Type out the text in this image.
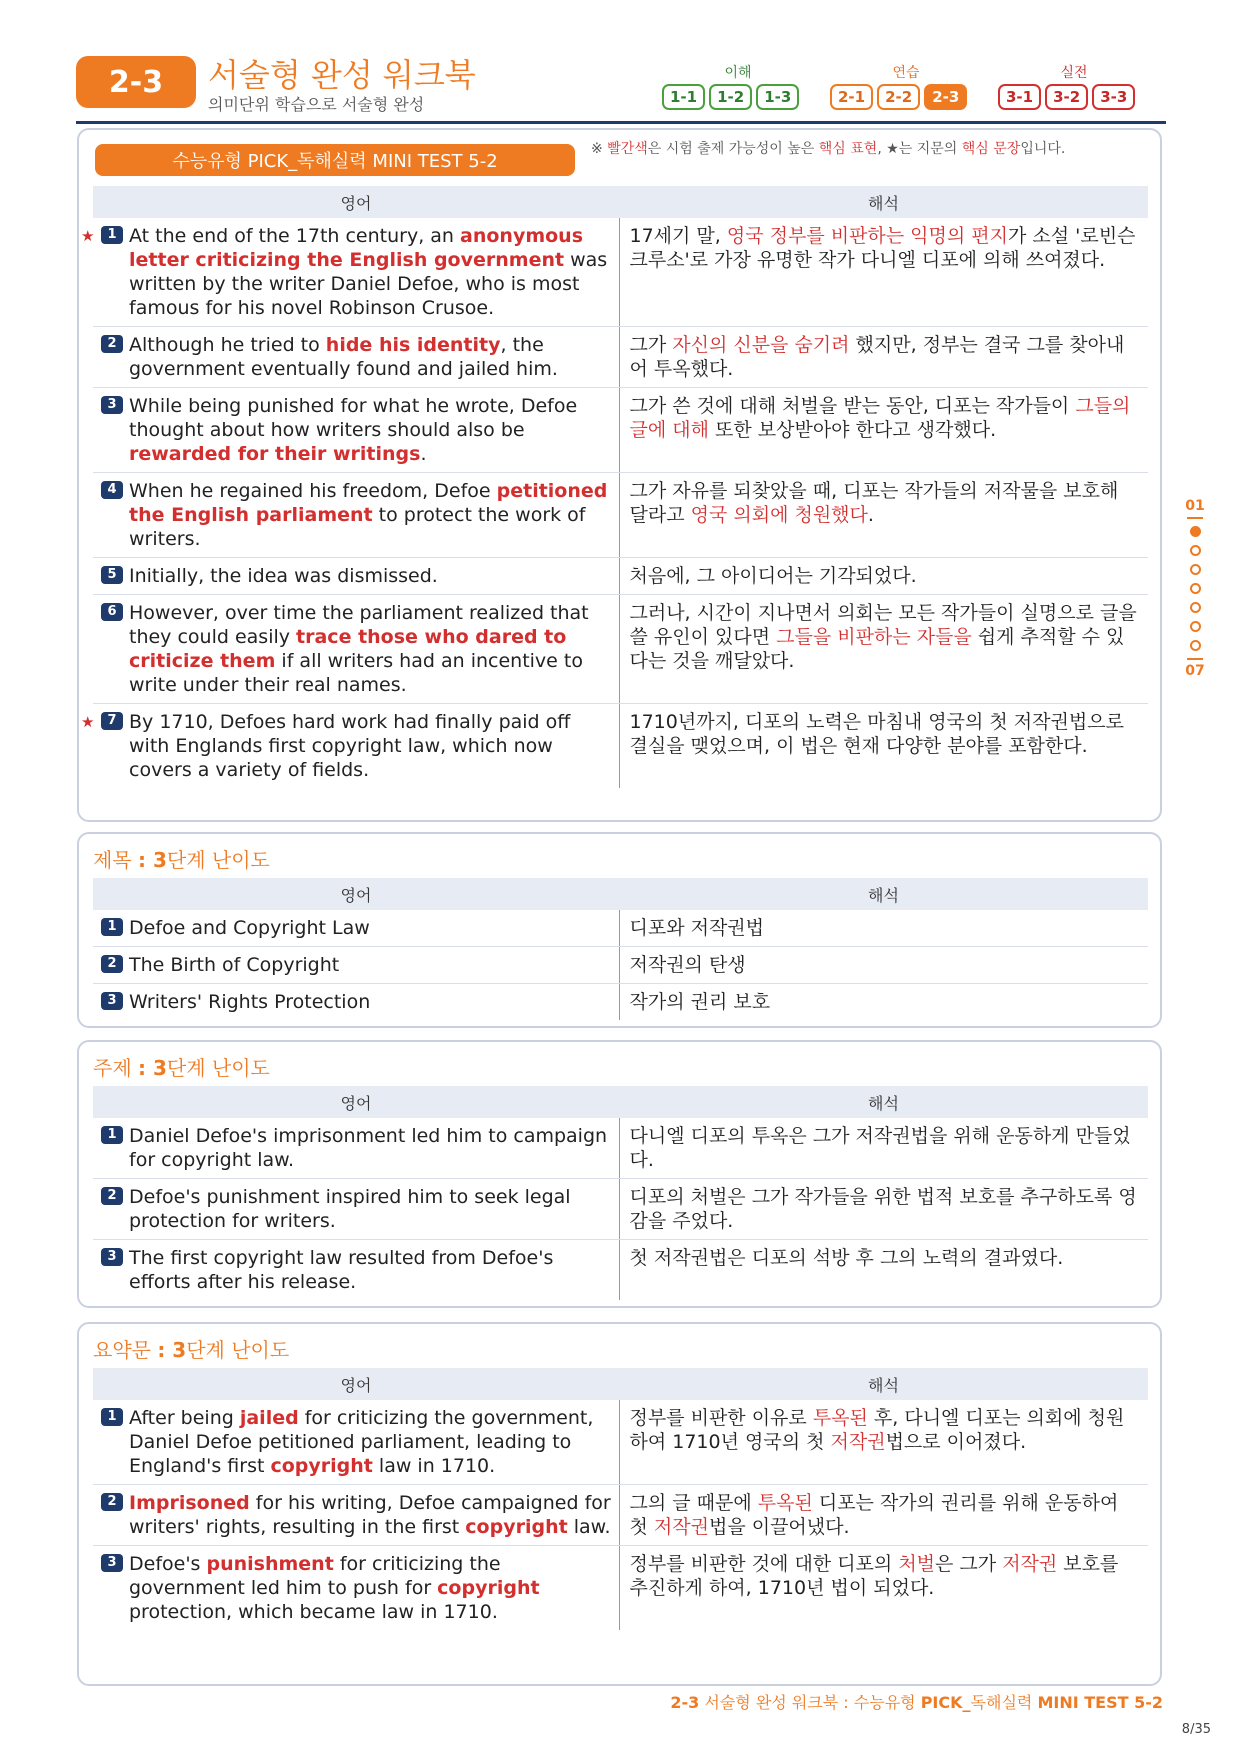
2-3	서술형 완성 워크북
의미단위 학습으로 서술형 완성
이해	연습	실전
1-1	1-2	1-3	2-1	2-2	2-3	3-1	3-2	3-3
01
07
수능유형 PICK_독해실력 MINI TEST 5-2
※ 빨간색은 시험 출제 가능성이 높은 핵심 표현, ★는 지문의 핵심 문장입니다.
영어	해석

★ 1 At the end of the 17th century, an anonymous letter criticizing the English government was written by the writer Daniel Defoe, who is most famous for his novel Robinson Crusoe.	17세기 말, 영국 정부를 비판하는 익명의 편지가 소설 '로빈슨 크루소'로 가장 유명한 작가 다니엘 디포에 의해 쓰여졌다.

2 Although he tried to hide his identity, the government eventually found and jailed him.	그가 자신의 신분을 숨기려 했지만, 정부는 결국 그를 찾아내어 투옥했다.

3 While being punished for what he wrote, Defoe thought about how writers should also be rewarded for their writings.	그가 쓴 것에 대해 처벌을 받는 동안, 디포는 작가들이 그들의 글에 대해 또한 보상받아야 한다고 생각했다.

4 When he regained his freedom, Defoe petitioned the English parliament to protect the work of writers.	그가 자유를 되찾았을 때, 디포는 작가들의 저작물을 보호해 달라고 영국 의회에 청원했다.

5 Initially, the idea was dismissed.	처음에, 그 아이디어는 기각되었다.

6 However, over time the parliament realized that they could easily trace those who dared to criticize them if all writers had an incentive to write under their real names.	그러나, 시간이 지나면서 의회는 모든 작가들이 실명으로 글을 쓸 유인이 있다면 그들을 비판하는 자들을 쉽게 추적할 수 있다는 것을 깨달았다.

★ 7 By 1710, Defoes hard work had finally paid off with Englands first copyright law, which now covers a variety of fields.	1710년까지, 디포의 노력은 마침내 영국의 첫 저작권법으로 결실을 맺었으며, 이 법은 현재 다양한 분야를 포함한다.
제목 : 3단계 난이도
영어	해석

1 Defoe and Copyright Law	디포와 저작권법

2 The Birth of Copyright	저작권의 탄생

3 Writers' Rights Protection	작가의 권리 보호
주제 : 3단계 난이도
영어	해석

1 Daniel Defoe's imprisonment led him to campaign for copyright law.	다니엘 디포의 투옥은 그가 저작권법을 위해 운동하게 만들었다.

2 Defoe's punishment inspired him to seek legal protection for writers.	디포의 처벌은 그가 작가들을 위한 법적 보호를 추구하도록 영감을 주었다.

3 The first copyright law resulted from Defoe's efforts after his release.	첫 저작권법은 디포의 석방 후 그의 노력의 결과였다.
요약문 : 3단계 난이도
영어	해석

1 After being jailed for criticizing the government, Daniel Defoe petitioned parliament, leading to England's first copyright law in 1710.	정부를 비판한 이유로 투옥된 후, 다니엘 디포는 의회에 청원하여 1710년 영국의 첫 저작권법으로 이어졌다.

2 Imprisoned for his writing, Defoe campaigned for writers' rights, resulting in the first copyright law.	그의 글 때문에 투옥된 디포는 작가의 권리를 위해 운동하여 첫 저작권법을 이끌어냈다.

3 Defoe's punishment for criticizing the government led him to push for copyright protection, which became law in 1710.	정부를 비판한 것에 대한 디포의 처벌은 그가 저작권 보호를 추진하게 하여, 1710년 법이 되었다.
2-3 서술형 완성 워크북 : 수능유형 PICK_독해실력 MINI TEST 5-2
8/35
